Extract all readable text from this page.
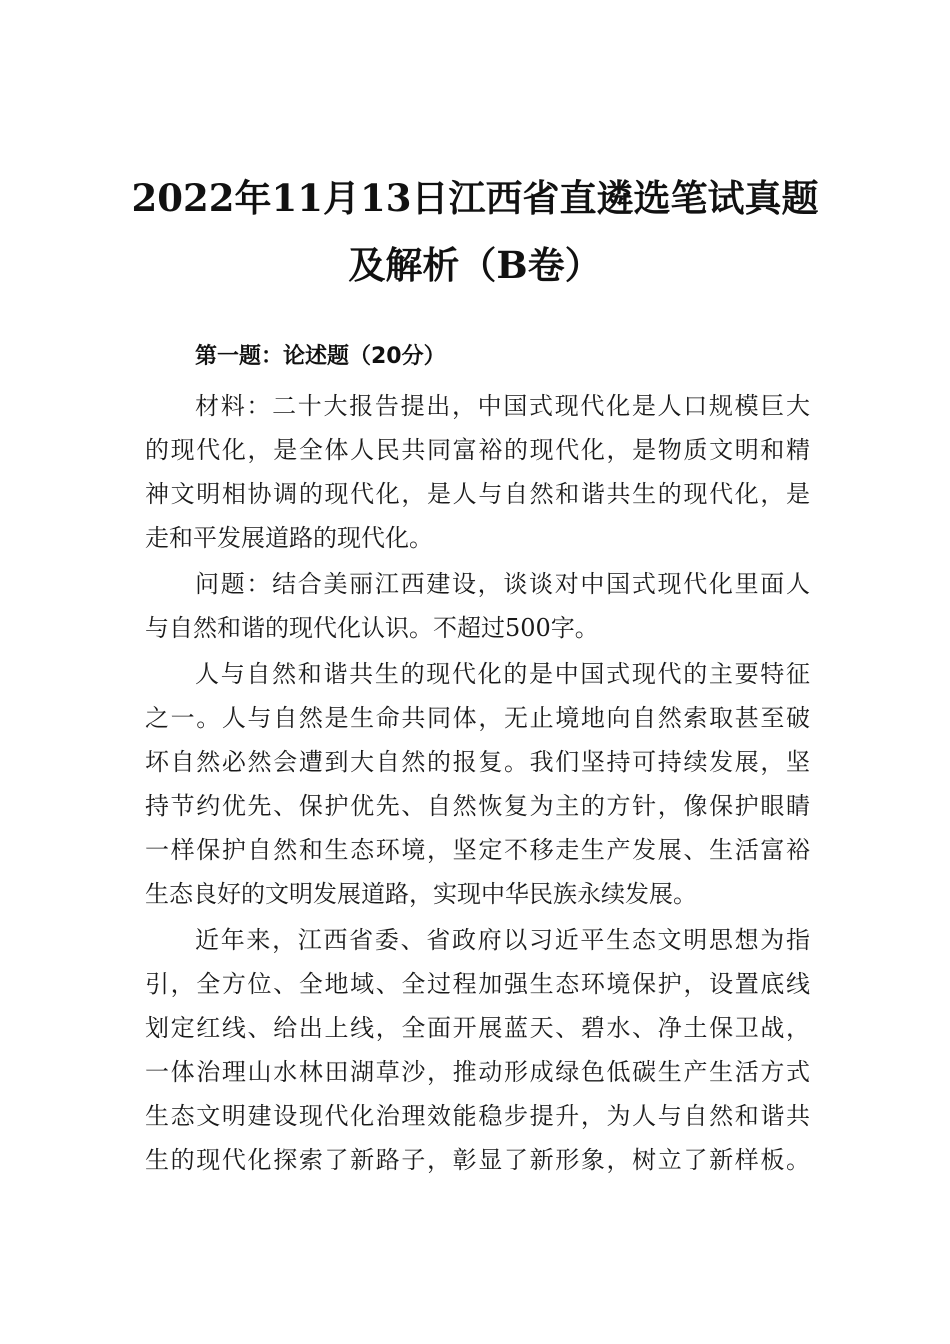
2022年11月13日江西省直遴选笔试真题
及解析（B卷）
第一题：论述题（20分）
材料：二十大报告提出，中国式现代化是人口规模巨大
的现代化，是全体人民共同富裕的现代化，是物质文明和精
神文明相协调的现代化，是人与自然和谐共生的现代化，是
走和平发展道路的现代化。
问题：结合美丽江西建设，谈谈对中国式现代化里面人
与自然和谐的现代化认识。不超过500字。
人与自然和谐共生的现代化的是中国式现代的主要特征
之一。人与自然是生命共同体，无止境地向自然索取甚至破
坏自然必然会遭到大自然的报复。我们坚持可持续发展，坚
持节约优先、保护优先、自然恢复为主的方针，像保护眼睛
一样保护自然和生态环境，坚定不移走生产发展、生活富裕
生态良好的文明发展道路，实现中华民族永续发展。
近年来，江西省委、省政府以习近平生态文明思想为指
引，全方位、全地域、全过程加强生态环境保护，设置底线
划定红线、给出上线，全面开展蓝天、碧水、净土保卫战，
一体治理山水林田湖草沙，推动形成绿色低碳生产生活方式
生态文明建设现代化治理效能稳步提升，为人与自然和谐共
生的现代化探索了新路子，彰显了新形象，树立了新样板。
